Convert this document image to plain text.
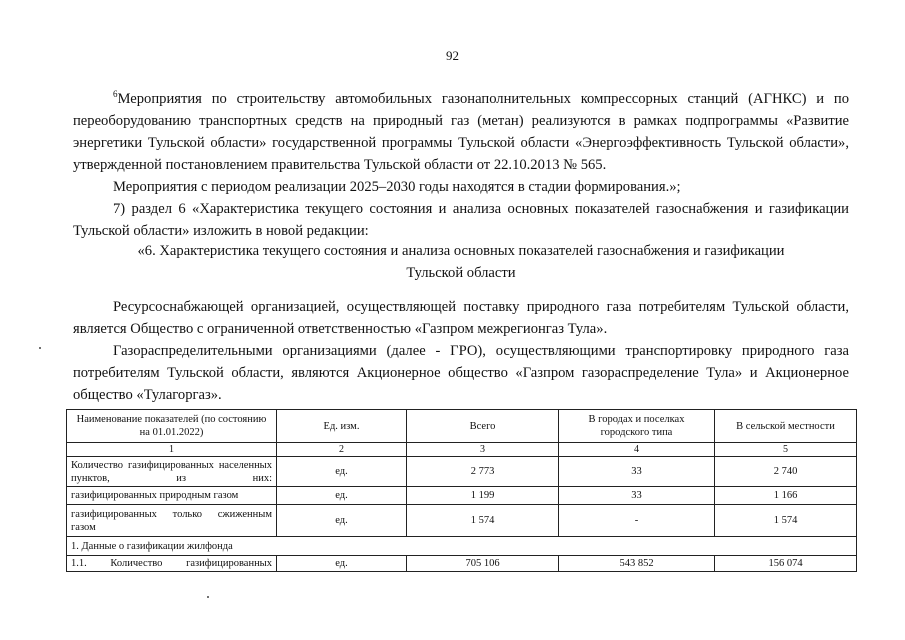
92
$^6$Мероприятия по строительству автомобильных газонаполнительных компрессорных станций (АГНКС) и по переоборудованию транспортных средств на природный газ (метан) реализуются в рамках подпрограммы «Развитие энергетики Тульской области» государственной программы Тульской области «Энергоэффективность Тульской области», утвержденной постановлением правительства Тульской области от 22.10.2013 № 565.
Мероприятия с периодом реализации 2025–2030 годы находятся в стадии формирования.»;
7) раздел 6 «Характеристика текущего состояния и анализа основных показателей газоснабжения и газификации Тульской области» изложить в новой редакции:
«6. Характеристика текущего состояния и анализа основных показателей газоснабжения и газификации
Тульской области
Ресурсоснабжающей организацией, осуществляющей поставку природного газа потребителям Тульской области, является Общество с ограниченной ответственностью «Газпром межрегионгаз Тула».
Газораспределительными организациями (далее - ГРО), осуществляющими транспортировку природного газа потребителям Тульской области, являются Акционерное общество «Газпром газораспределение Тула» и Акционерное общество «Тулагоргаз».
Наименование показателей (по состоянию на 01.01.2022)	Ед. изм.	Всего	В городах и поселках городского типа	В сельской местности
1	2	3	4	5
Количество газифицированных населенных пунктов, из них:	ед.	2 773	33	2 740
газифицированных природным газом	ед.	1 199	33	1 166
газифицированных только сжиженным газом	ед.	1 574	-	1 574
1. Данные о газификации жилфонда				
1.1. Количество газифицированных	ед.	705 106	543 852	156 074
